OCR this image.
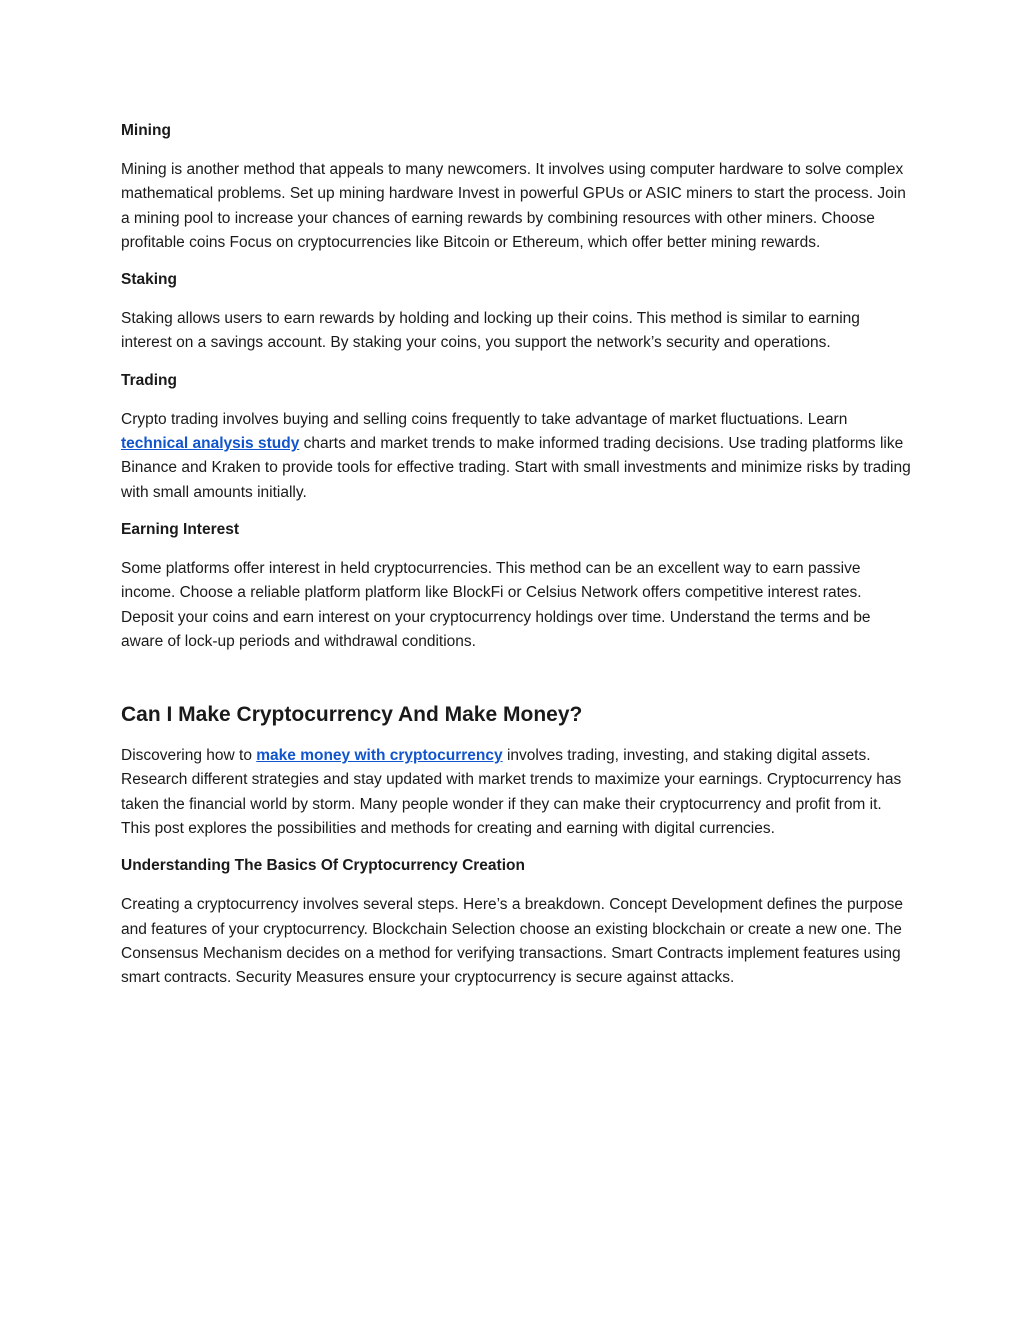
Mining

Mining is another method that appeals to many newcomers. It involves using computer hardware to solve complex mathematical problems. Set up mining hardware Invest in powerful GPUs or ASIC miners to start the process. Join a mining pool to increase your chances of earning rewards by combining resources with other miners. Choose profitable coins Focus on cryptocurrencies like Bitcoin or Ethereum, which offer better mining rewards.

Staking

Staking allows users to earn rewards by holding and locking up their coins. This method is similar to earning interest on a savings account. By staking your coins, you support the network’s security and operations.

Trading

Crypto trading involves buying and selling coins frequently to take advantage of market fluctuations. Learn technical analysis study charts and market trends to make informed trading decisions. Use trading platforms like Binance and Kraken to provide tools for effective trading. Start with small investments and minimize risks by trading with small amounts initially.

Earning Interest

Some platforms offer interest in held cryptocurrencies. This method can be an excellent way to earn passive income. Choose a reliable platform platform like BlockFi or Celsius Network offers competitive interest rates. Deposit your coins and earn interest on your cryptocurrency holdings over time. Understand the terms and be aware of lock-up periods and withdrawal conditions.

Can I Make Cryptocurrency And Make Money?

Discovering how to make money with cryptocurrency involves trading, investing, and staking digital assets. Research different strategies and stay updated with market trends to maximize your earnings. Cryptocurrency has taken the financial world by storm. Many people wonder if they can make their cryptocurrency and profit from it. This post explores the possibilities and methods for creating and earning with digital currencies.

Understanding The Basics Of Cryptocurrency Creation

Creating a cryptocurrency involves several steps. Here’s a breakdown. Concept Development defines the purpose and features of your cryptocurrency. Blockchain Selection choose an existing blockchain or create a new one. The Consensus Mechanism decides on a method for verifying transactions. Smart Contracts implement features using smart contracts. Security Measures ensure your cryptocurrency is secure against attacks.
